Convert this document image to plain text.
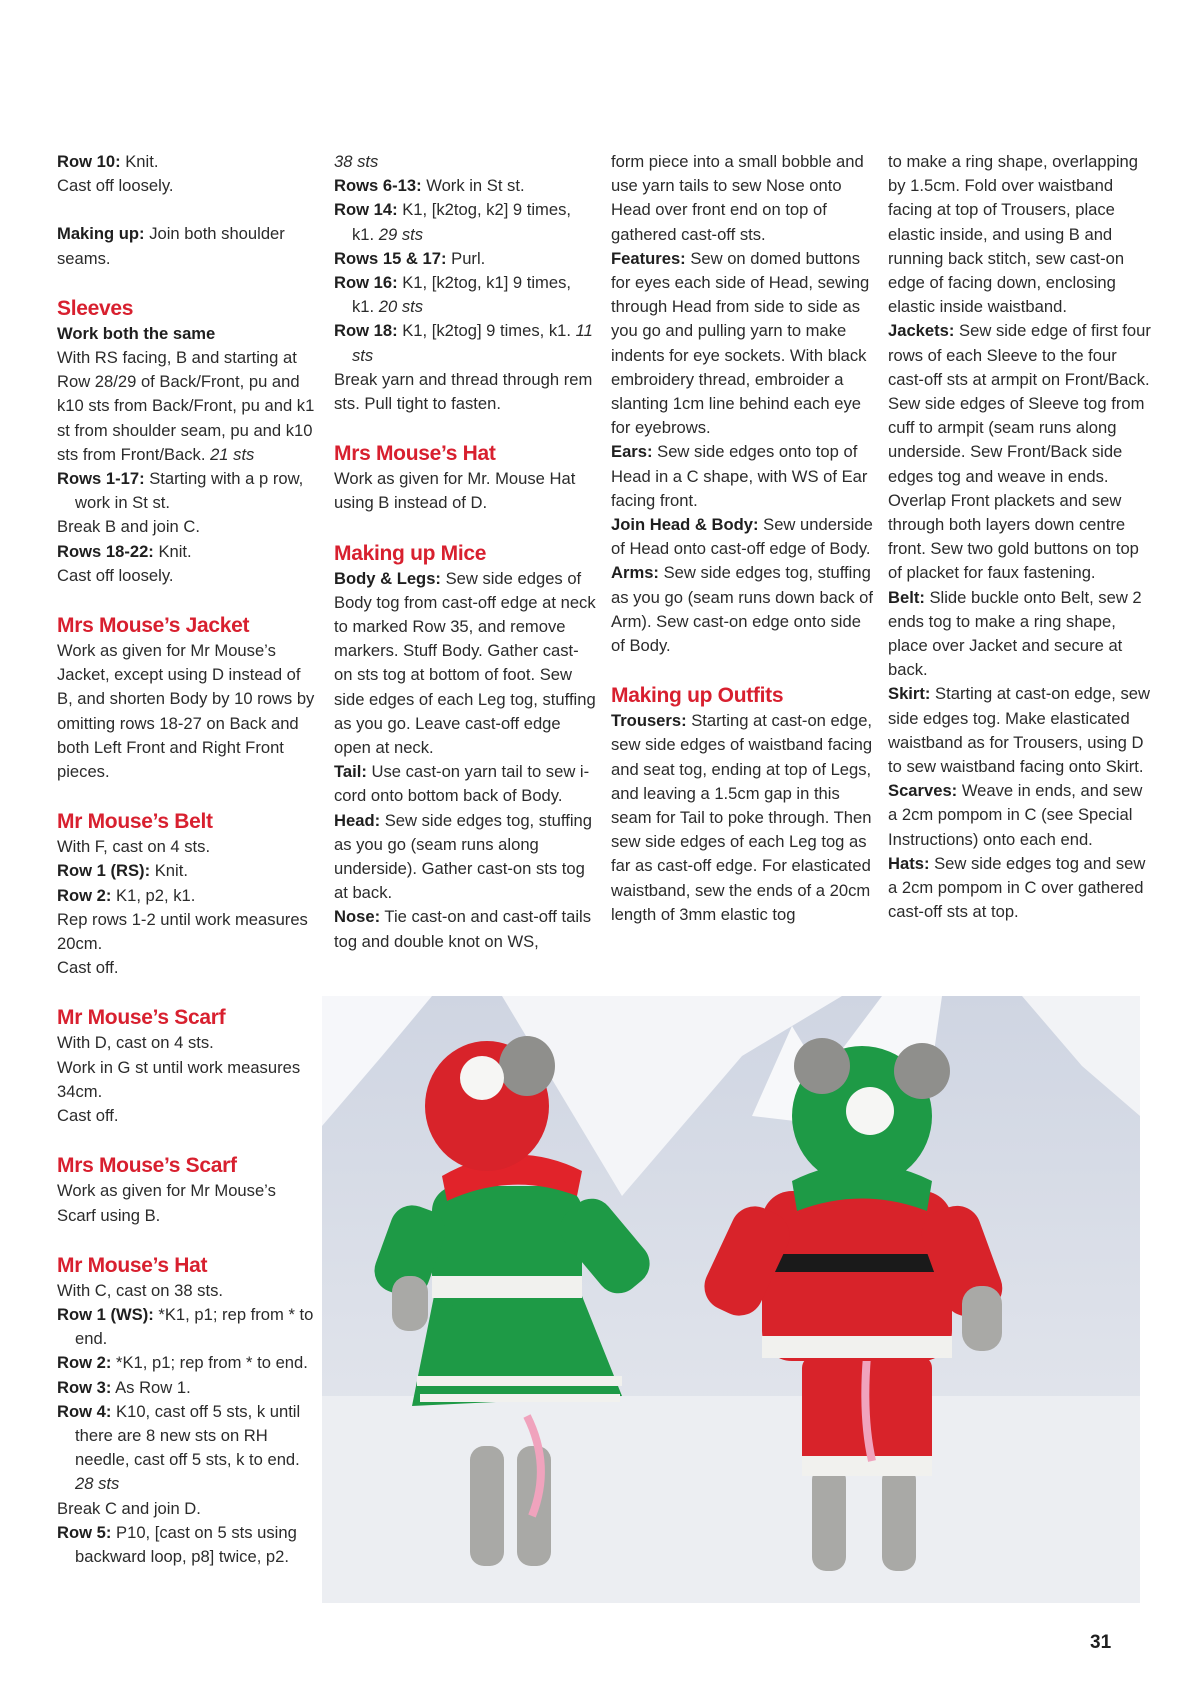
Row 10: Knit.

Cast off loosely.

Making up: Join both shoulder seams.

Sleeves

Work both the same

With RS facing, B and starting at Row 28/29 of Back/Front, pu and k10 sts from Back/Front, pu and k1 st from shoulder seam, pu and k10 sts from Front/Back. 21 sts

Rows 1-17: Starting with a p row, work in St st.

Break B and join C.

Rows 18-22: Knit.

Cast off loosely.

Mrs Mouse’s Jacket

Work as given for Mr Mouse’s Jacket, except using D instead of B, and shorten Body by 10 rows by omitting rows 18-27 on Back and both Left Front and Right Front pieces.

Mr Mouse’s Belt

With F, cast on 4 sts.

Row 1 (RS): Knit.

Row 2: K1, p2, k1.

Rep rows 1-2 until work measures 20cm.

Cast off.

Mr Mouse’s Scarf

With D, cast on 4 sts.

Work in G st until work measures 34cm.

Cast off.

Mrs Mouse’s Scarf

Work as given for Mr Mouse’s Scarf using B.

Mr Mouse’s Hat

With C, cast on 38 sts.

Row 1 (WS): *K1, p1; rep from * to end.

Row 2: *K1, p1; rep from * to end.

Row 3: As Row 1.

Row 4: K10, cast off 5 sts, k until there are 8 new sts on RH needle, cast off 5 sts, k to end. 28 sts

Break C and join D.

Row 5: P10, [cast on 5 sts using backward loop, p8] twice, p2.

38 sts

Rows 6-13: Work in St st.

Row 14: K1, [k2tog, k2] 9 times, k1. 29 sts

Rows 15 & 17: Purl.

Row 16: K1, [k2tog, k1] 9 times, k1. 20 sts

Row 18: K1, [k2tog] 9 times, k1. 11 sts

Break yarn and thread through rem sts. Pull tight to fasten.

Mrs Mouse’s Hat

Work as given for Mr. Mouse Hat using B instead of D.

Making up Mice

Body & Legs: Sew side edges of Body tog from cast-off edge at neck to marked Row 35, and remove markers. Stuff Body. Gather cast-on sts tog at bottom of foot. Sew side edges of each Leg tog, stuffing as you go. Leave cast-off edge open at neck.

Tail: Use cast-on yarn tail to sew i-cord onto bottom back of Body.

Head: Sew side edges tog, stuffing as you go (seam runs along underside). Gather cast-on sts tog at back.

Nose: Tie cast-on and cast-off tails tog and double knot on WS,

form piece into a small bobble and use yarn tails to sew Nose onto Head over front end on top of gathered cast-off sts.

Features: Sew on domed buttons for eyes each side of Head, sewing through Head from side to side as you go and pulling yarn to make indents for eye sockets. With black embroidery thread, embroider a slanting 1cm line behind each eye for eyebrows.

Ears: Sew side edges onto top of Head in a C shape, with WS of Ear facing front.

Join Head & Body: Sew underside of Head onto cast-off edge of Body.

Arms: Sew side edges tog, stuffing as you go (seam runs down back of Arm). Sew cast-on edge onto side of Body.

Making up Outfits

Trousers: Starting at cast-on edge, sew side edges of waistband facing and seat tog, ending at top of Legs, and leaving a 1.5cm gap in this seam for Tail to poke through. Then sew side edges of each Leg tog as far as cast-off edge. For elasticated waistband, sew the ends of a 20cm length of 3mm elastic tog

to make a ring shape, overlapping by 1.5cm. Fold over waistband facing at top of Trousers, place elastic inside, and using B and running back stitch, sew cast-on edge of facing down, enclosing elastic inside waistband.

Jackets: Sew side edge of first four rows of each Sleeve to the four cast-off sts at armpit on Front/Back. Sew side edges of Sleeve tog from cuff to armpit (seam runs along underside. Sew Front/Back side edges tog and weave in ends. Overlap Front plackets and sew through both layers down centre front. Sew two gold buttons on top of placket for faux fastening.

Belt: Slide buckle onto Belt, sew 2 ends tog to make a ring shape, place over Jacket and secure at back.

Skirt: Starting at cast-on edge, sew side edges tog. Make elasticated waistband as for Trousers, using D to sew waistband facing onto Skirt.

Scarves: Weave in ends, and sew a 2cm pompom in C (see Special Instructions) onto each end.

Hats: Sew side edges tog and sew a 2cm pompom in C over gathered cast-off sts at top.

31
